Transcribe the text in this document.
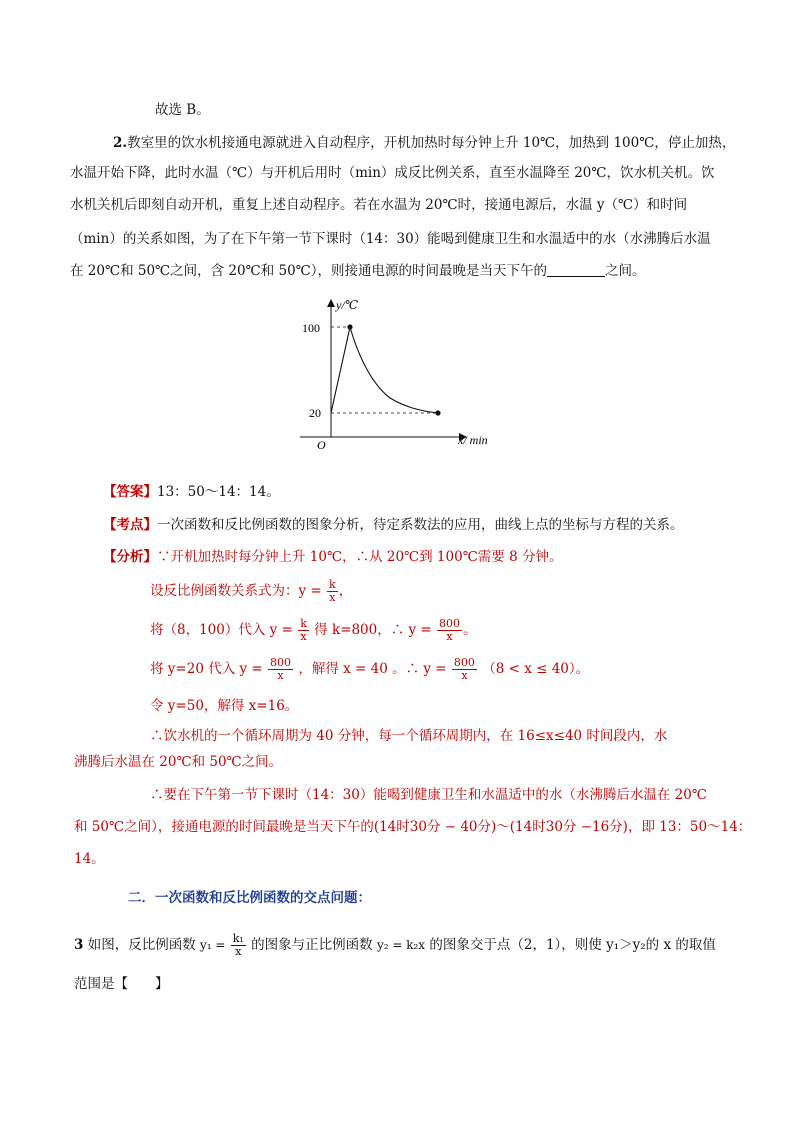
故选 B。
2.教室里的饮水机接通电源就进入自动程序，开机加热时每分钟上升 10℃，加热到 100℃，停止加热，
水温开始下降，此时水温（℃）与开机后用时（min）成反比例关系，直至水温降至 20℃，饮水机关机。饮
水机关机后即刻自动开机，重复上述自动程序。若在水温为 20℃时，接通电源后，水温 y（℃）和时间
（min）的关系如图，为了在下午第一节下课时（14：30）能喝到健康卫生和水温适中的水（水沸腾后水温
在 20℃和 50℃之间，含 20℃和 50℃），则接通电源的时间最晚是当天下午的	之间。
y/℃
100
20
O	x/ min
【答案】13：50～14：14。
【考点】一次函数和反比例函数的图象分析，待定系数法的应用，曲线上点的坐标与方程的关系。
【分析】∵开机加热时每分钟上升 10℃，∴从 20℃到 100℃需要 8 分钟。
设反比例函数关系式为：$y = \frac{k}{x}$ ，
将（8，100）代入 $y = \frac{k}{x}$ 得 k=800，∴ $y = \frac{800}{x}$ 。
将 y=20 代入 $y = \frac{800}{x}$ ，解得 x = 40 。∴ $y = \frac{800}{x} (8 < x \le 40)$。
令 y=50，解得 x=16。
∴饮水机的一个循环周期为 40 分钟，每一个循环周期内，在 16≤x≤40 时间段内，水
沸腾后水温在 20℃和 50℃之间。
∴要在下午第一节下课时（14：30）能喝到健康卫生和水温适中的水（水沸腾后水温在 20℃
和 50℃之间），接通电源的时间最晚是当天下午的(14时30分 − 40分)～(14时30分 −16分)，即 13：50～14：
14。
二．一次函数和反比例函数的交点问题：
3 如图，反比例函数 $y_1 = \frac{\text{k₁}}{x}$ 的图象与正比例函数 y₂ = k₂x 的图象交于点（2，1），则使 y₁＞y₂的 x 的取值
范围是【　　】
